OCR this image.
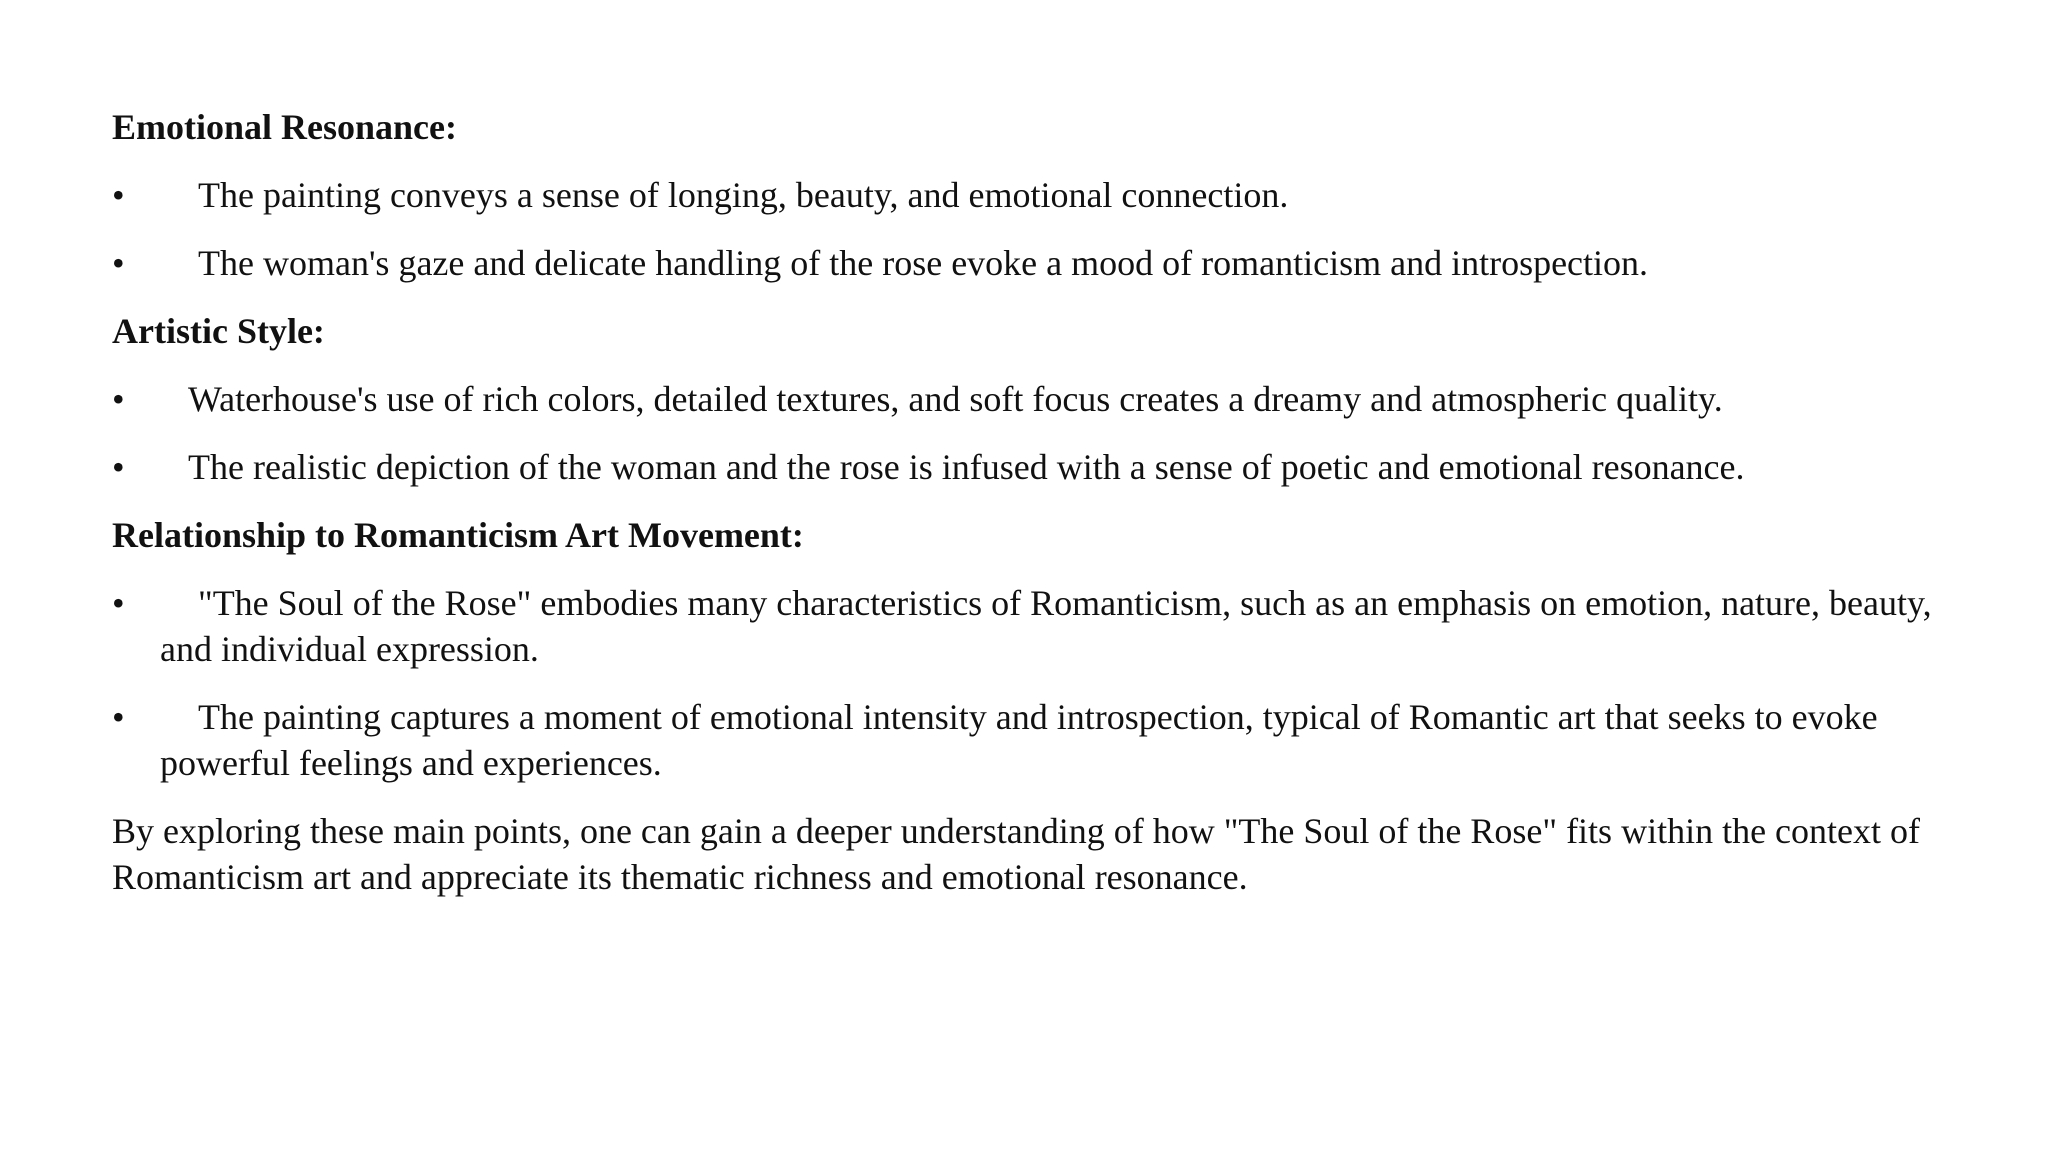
Emotional Resonance:
•	The painting conveys a sense of longing, beauty, and emotional connection.
•	The woman's gaze and delicate handling of the rose evoke a mood of romanticism and introspection.
Artistic Style:
•	Waterhouse's use of rich colors, detailed textures, and soft focus creates a dreamy and atmospheric quality.
•	The realistic depiction of the woman and the rose is infused with a sense of poetic and emotional resonance.
Relationship to Romanticism Art Movement:
•	"The Soul of the Rose" embodies many characteristics of Romanticism, such as an emphasis on emotion, nature, beauty, and individual expression.
•	The painting captures a moment of emotional intensity and introspection, typical of Romantic art that seeks to evoke powerful feelings and experiences.
By exploring these main points, one can gain a deeper understanding of how "The Soul of the Rose" fits within the context of Romanticism art and appreciate its thematic richness and emotional resonance.
